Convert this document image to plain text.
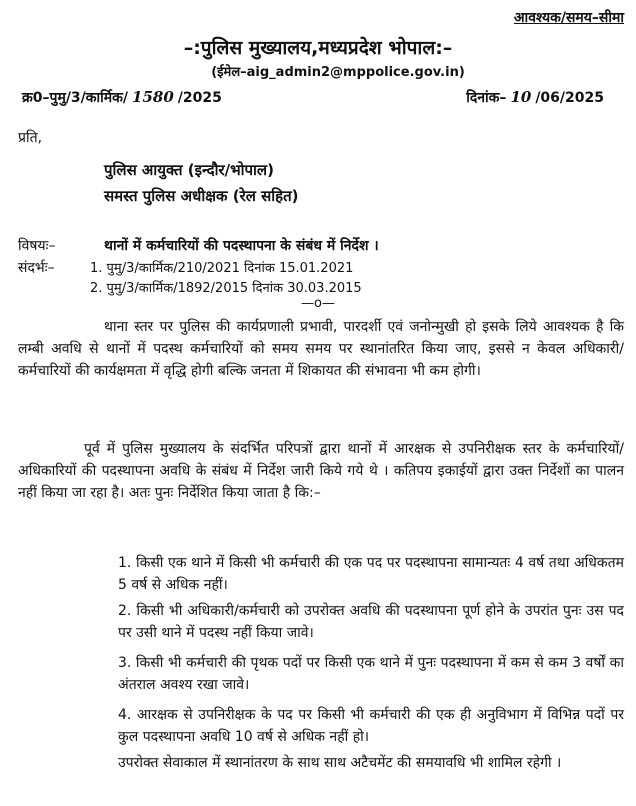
आवश्यक/समय–सीमा
–:पुलिस मुख्यालय,मध्यप्रदेश भोपाल:–
(ईमेल–aig_admin2@mppolice.gov.in)
क्र0–पुमु/3/कार्मिक/ 1580 /2025	दिनांक– 10 /06/2025
प्रति,
पुलिस आयुक्त (इन्दौर/भोपाल)
समस्त पुलिस अधीक्षक (रेल सहित)
विषयः–	थानों में कर्मचारियों की पदस्थापना के संबंध में निर्देश ।
संदर्भः–	1. पुमु/3/कार्मिक/210/2021 दिनांक 15.01.2021
2. पुमु/3/कार्मिक/1892/2015 दिनांक 30.03.2015
—o—

थाना स्तर पर पुलिस की कार्यप्रणाली प्रभावी, पारदर्शी एवं जनोन्मुखी हो इसके लिये आवश्यक है कि लम्बी अवधि से थानों में पदस्थ कर्मचारियों को समय समय पर स्थानांतरित किया जाए, इससे न केवल अधिकारी/कर्मचारियों की कार्यक्षमता में वृद्धि होगी बल्कि जनता में शिकायत की संभावना भी कम होगी।

पूर्व में पुलिस मुख्यालय के संदर्भित परिपत्रों द्वारा थानों में आरक्षक से उपनिरीक्षक स्तर के कर्मचारियों/अधिकारियों की पदस्थापना अवधि के संबंध में निर्देश जारी किये गये थे । कतिपय इकाईयों द्वारा उक्त निर्देशों का पालन नहीं किया जा रहा है। अतः पुनः निर्देशित किया जाता है कि:–

1. किसी एक थाने में किसी भी कर्मचारी की एक पद पर पदस्थापना सामान्यतः 4 वर्ष तथा अधिकतम 5 वर्ष से अधिक नहीं।
2. किसी भी अधिकारी/कर्मचारी को उपरोक्त अवधि की पदस्थापना पूर्ण होने के उपरांत पुनः उस पद पर उसी थाने में पदस्थ नहीं किया जावे।
3. किसी भी कर्मचारी की पृथक पदों पर किसी एक थाने में पुनः पदस्थापना में कम से कम 3 वर्षों का अंतराल अवश्य रखा जावे।
4. आरक्षक से उपनिरीक्षक के पद पर किसी भी कर्मचारी की एक ही अनुविभाग में विभिन्न पदों पर कुल पदस्थापना अवधि 10 वर्ष से अधिक नहीं हो।

उपरोक्त सेवाकाल में स्थानांतरण के साथ साथ अटैचमेंट की समयावधि भी शामिल रहेगी ।
